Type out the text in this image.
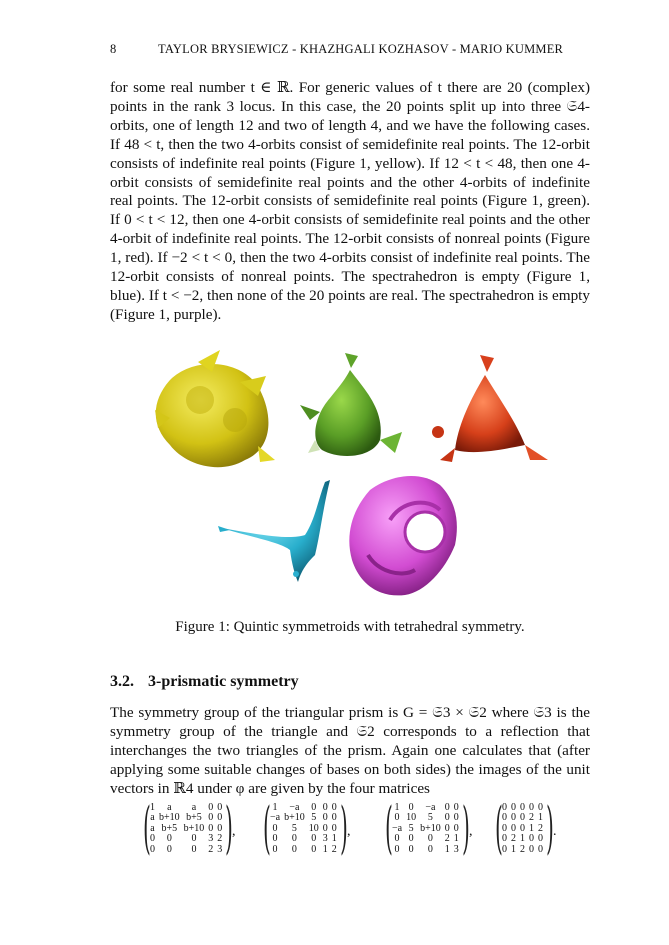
8	TAYLOR BRYSIEWICZ - KHAZHGALI KOZHASOV - MARIO KUMMER
for some real number t ∈ ℝ. For generic values of t there are 20 (complex) points in the rank 3 locus. In this case, the 20 points split up into three 𝔖4-orbits, one of length 12 and two of length 4, and we have the following cases. If 48 < t, then the two 4-orbits consist of semidefinite real points. The 12-orbit consists of indefinite real points (Figure 1, yellow). If 12 < t < 48, then one 4-orbit consists of semidefinite real points and the other 4-orbits of indefinite real points. The 12-orbit consists of semidefinite real points (Figure 1, green). If 0 < t < 12, then one 4-orbit consists of semidefinite real points and the other 4-orbit of indefinite real points. The 12-orbit consists of nonreal points (Figure 1, red). If −2 < t < 0, then the two 4-orbits consist of indefinite real points. The 12-orbit consists of nonreal points. The spectrahedron is empty (Figure 1, blue). If t < −2, then none of the 20 points are real. The spectrahedron is empty (Figure 1, purple).
Figure 1: Quintic symmetroids with tetrahedral symmetry.
3.2. 3-prismatic symmetry
The symmetry group of the triangular prism is G = 𝔖3 × 𝔖2 where 𝔖3 is the symmetry group of the triangle and 𝔖2 corresponds to a reflection that interchanges the two triangles of the prism. Again one calculates that (after applying some suitable changes of bases on both sides) the images of the unit vectors in ℝ4 under φ are given by the four matrices
( 1	a	a	0	0
a	b+10	b+5	0	0
a	b+5	b+10	0	0
0	0	0	3	2
0	0	0	2	3 ) , ( 1	−a	0	0	0
−a	b+10	5	0	0
0	5	10	0	0
0	0	0	3	1
0	0	0	1	2 ) , ( 1	0	−a	0	0
0	10	5	0	0
−a	5	b+10	0	0
0	0	0	2	1
0	0	0	1	3 ) , ( 0	0	0	0	0
0	0	0	2	1
0	0	0	1	2
0	2	1	0	0
0	1	2	0	0 ) .
